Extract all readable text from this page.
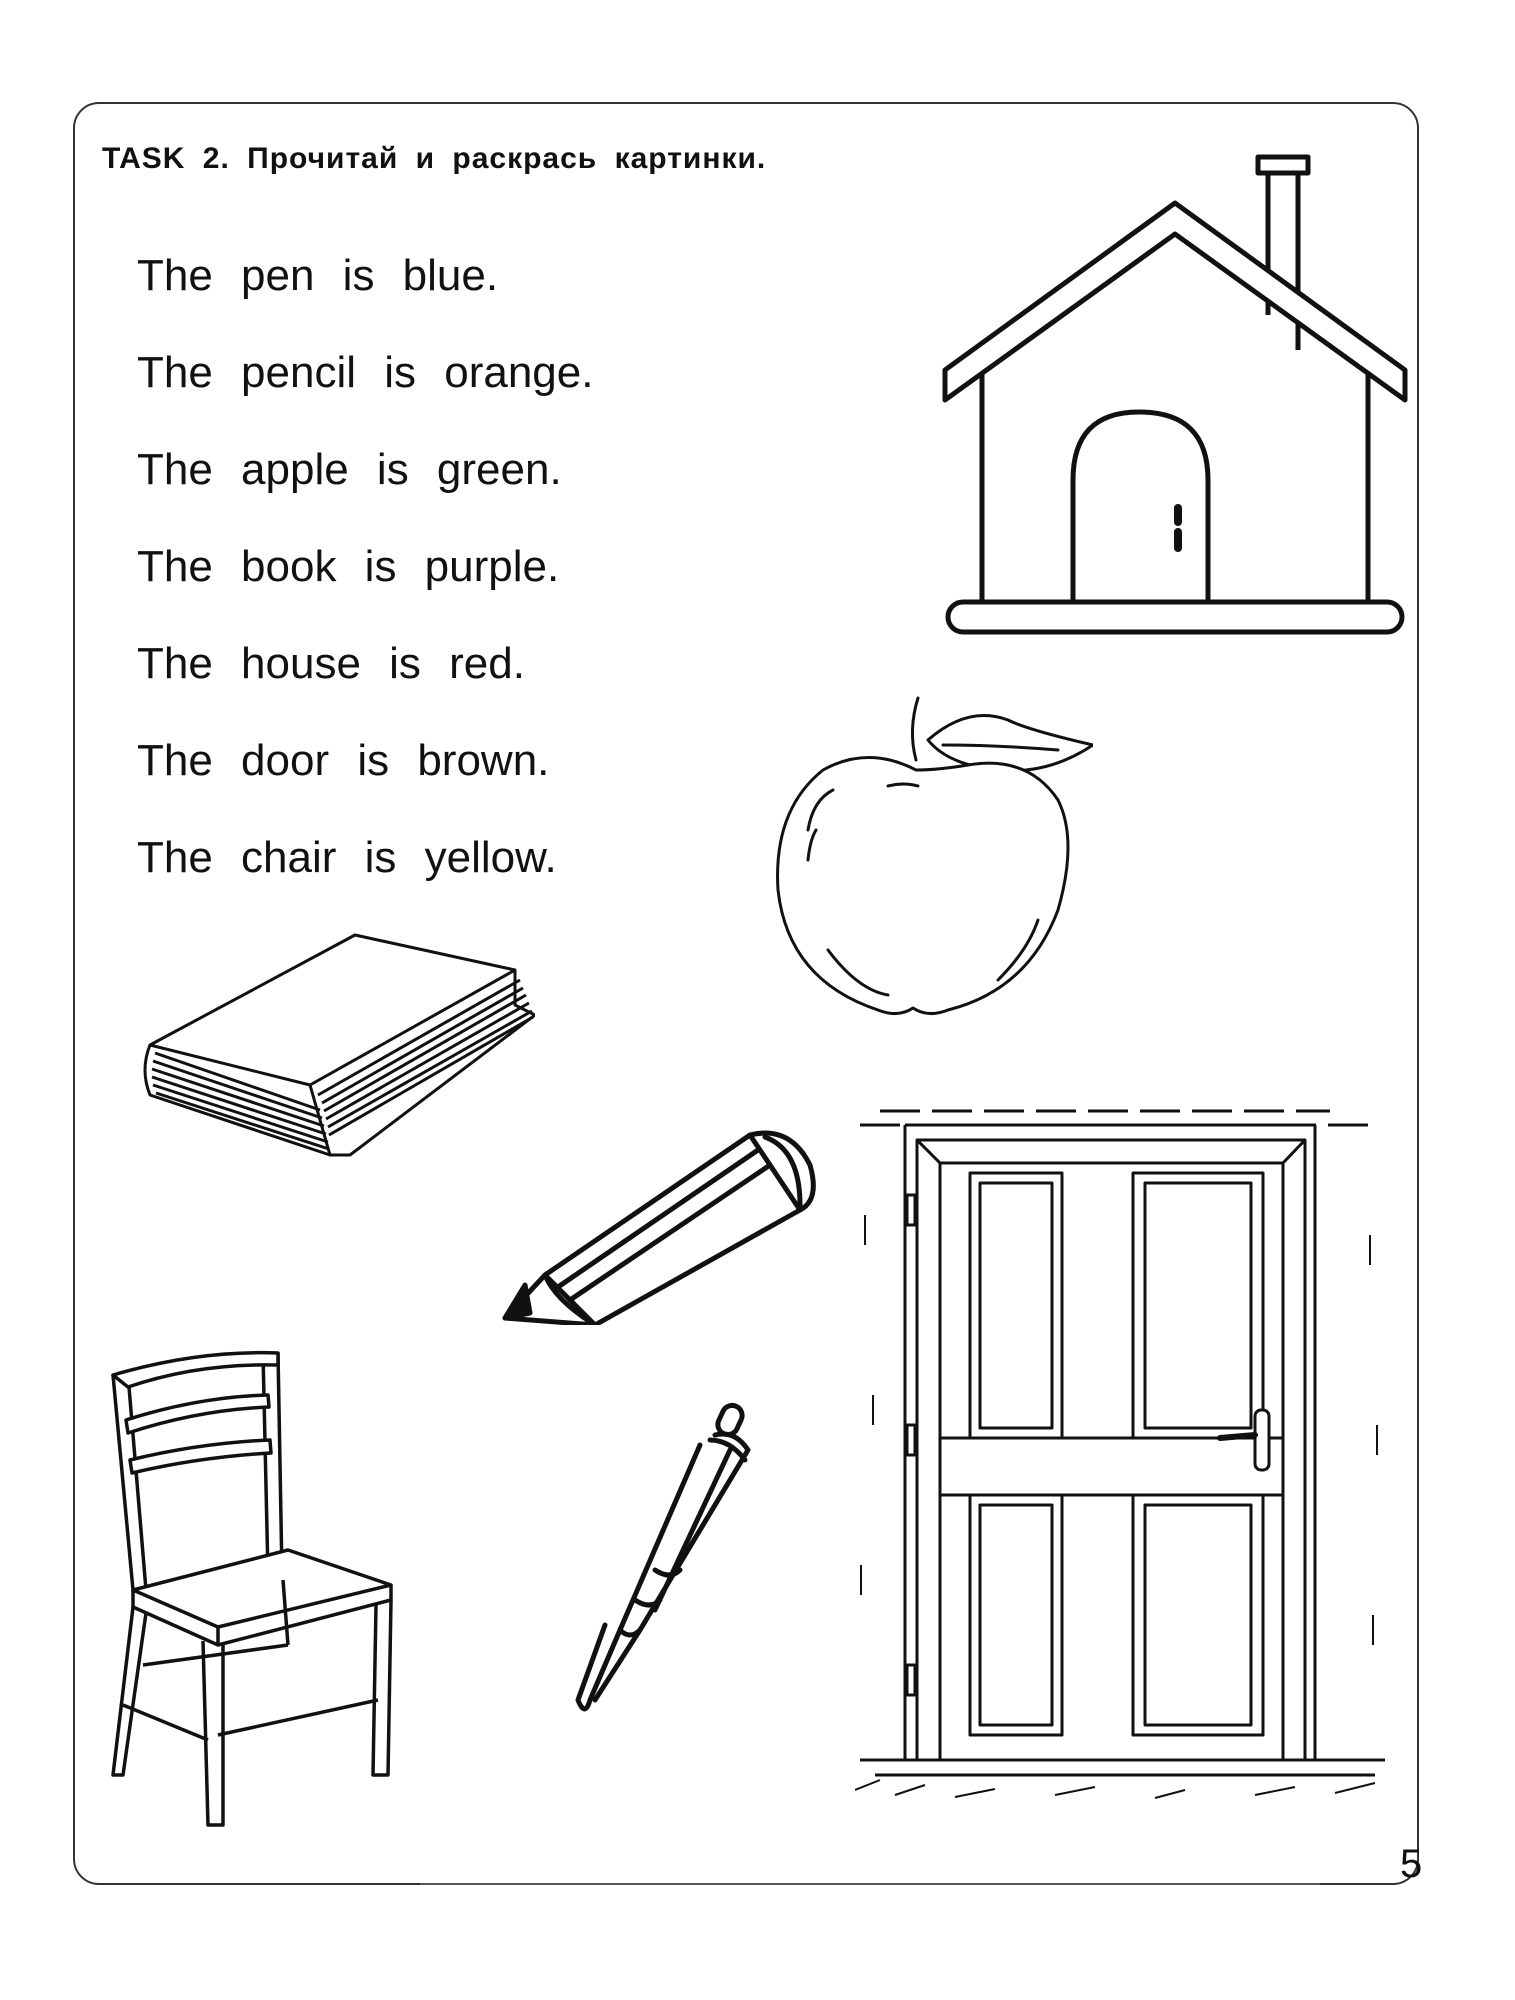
TASK 2. Прочитай и раскрась картинки.
The pen is blue.
The pencil is orange.
The apple is green.
The book is purple.
The house is red.
The door is brown.
The chair is yellow.
5
